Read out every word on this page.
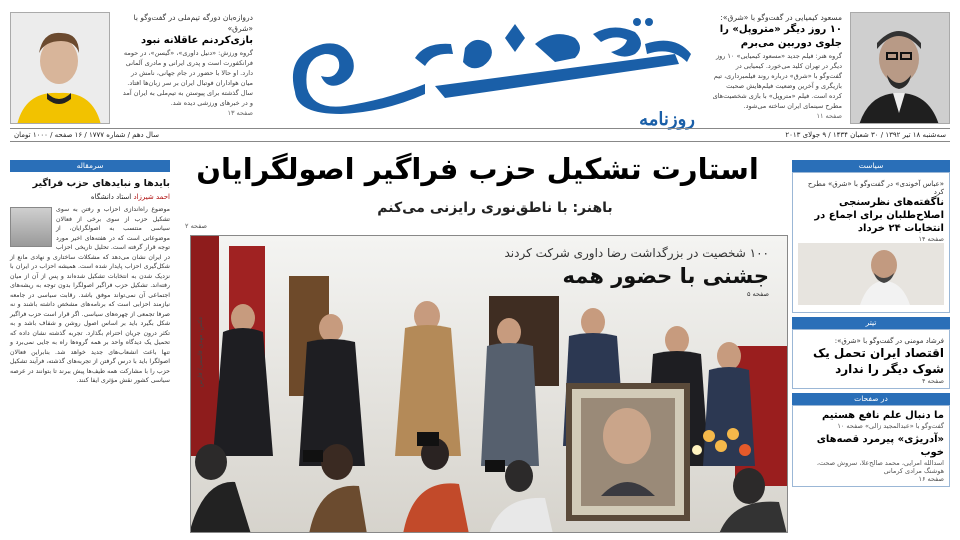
مسعود کیمیایی در گفت‌وگو با «شرق»:
۱۰ روز دیگر «متروپل» را
جلوی دوربین می‌برم
گروه هنر: فیلم جدید «مسعود کیمیایی» ۱۰ روز دیگر در تهران کلید می‌خورد. کیمیایی در گفت‌وگو با «شرق» درباره روند فیلمبرداری، تیم بازیگری و آخرین وضعیت فیلم‌هایش صحبت کرده است. فیلم «متروپل» با بازی شخصیت‌های مطرح سینمای ایران ساخته می‌شود.
صفحه ۱۱
دروازه‌بان دورگه تیم‌ملی در گفت‌وگو با «شرق»
بازی‌کردنم عاقلانه نبود
گروه ورزش: «دنیل داوری»، «گیسن»، در حومه فرانکفورت است و پدری ایرانی و مادری آلمانی دارد. او حالا با حضور در جام جهانی، نامش در میان هواداران فوتبال ایران بر سر زبان‌ها افتاد. سال گذشته برای پیوستن به تیم‌ملی به ایران آمد و در خبرهای ورزشی دیده شد.
صفحه ۱۳	روزنامه
سه‌شنبه ۱۸ تیر ۱۳۹۲ / ۳۰ شعبان ۱۴۳۴ / ۹ جولای ۲۰۱۳
سال دهم / شماره ۱۷۷۷ / ۱۶ صفحه / ۱۰۰۰ تومان
استارت تشکیل حزب فراگیر اصولگرایان
باهنر: با ناطق‌نوری رایزنی می‌کنم
صفحه ۲
۱۰۰ شخصیت در بزرگداشت رضا داوری شرکت کردند
جشنی با حضور همه
صفحه ۵
عکس: مهدی قاسمی/ فارس
سرمقاله
بایدها و نبایدهای حزب فراگیر
احمد شیرزاد استاد دانشگاه
موضوع راه‌اندازی احزاب و رفتن به سوی تشکیل حزب از سوی برخی از فعالان سیاسی منتسب به اصولگرایان، از موضوعاتی است که در هفته‌های اخیر مورد توجه قرار گرفته است. تحلیل تاریخی احزاب در ایران نشان می‌دهد که مشکلات ساختاری و نهادی مانع از شکل‌گیری احزاب پایدار شده است. همیشه احزاب در ایران با نزدیک شدن به انتخابات تشکیل شده‌اند و پس از آن از میان رفته‌اند. تشکیل حزب فراگیر اصولگرا بدون توجه به ریشه‌های اجتماعی آن نمی‌تواند موفق باشد. رقابت سیاسی در جامعه نیازمند احزابی است که برنامه‌های مشخص داشته باشند و نه صرفا تجمعی از چهره‌های سیاسی. اگر قرار است حزب فراگیر شکل بگیرد باید بر اساس اصول روشن و شفاف باشد و به تکثر درون جریان احترام بگذارد. تجربه گذشته نشان داده که تحمیل یک دیدگاه واحد بر همه گروه‌ها راه به جایی نمی‌برد و تنها باعث انشعاب‌های جدید خواهد شد. بنابراین فعالان اصولگرا باید با درس گرفتن از تجربه‌های گذشته، فرآیند تشکیل حزب را با مشارکت همه طیف‌ها پیش ببرند تا بتوانند در عرصه سیاسی کشور نقش مؤثری ایفا کنند.
سیاست
«عباس آخوندی» در گفت‌وگو با «شرق» مطرح کرد
ناگفته‌های نظرسنجی اصلاح‌طلبان برای اجماع در انتخابات ۲۴ خرداد
صفحه ۱۴
تیتر
فرشاد مومنی در گفت‌وگو با «شرق»:
اقتصاد ایران تحمل یک شوک دیگر را ندارد
صفحه ۴
در صفحات
ما دنبال علم نافع هستیم
گفت‌وگو با «عبدالمجید زالی» صفحه ۱۰
«آدریژی» پیرمرد قصه‌های خوب
اسدالله امرایی، محمد صالح‌علا، سروش صحت، هوشنگ مرادی کرمانی
صفحه ۱۶
